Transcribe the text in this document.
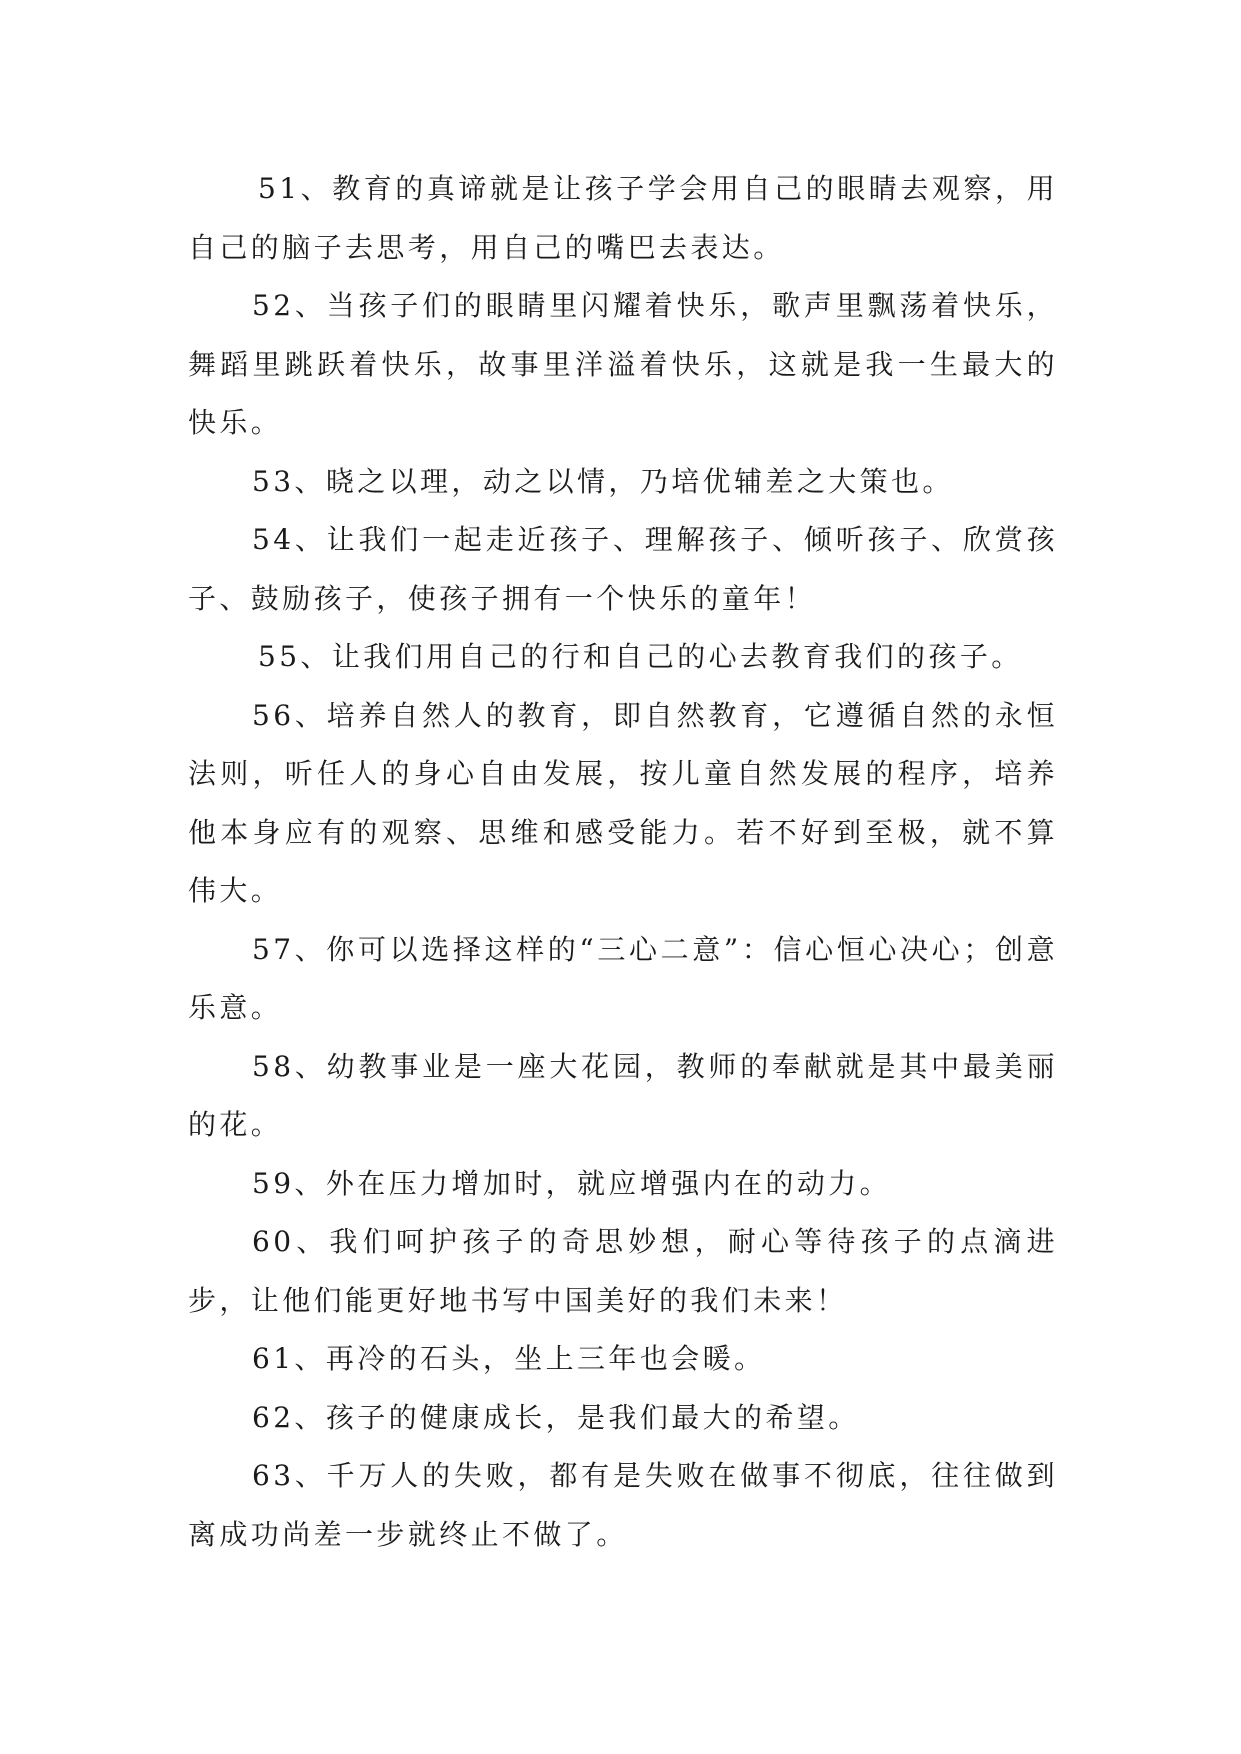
51、教育的真谛就是让孩子学会用自己的眼睛去观察，用自己的脑子去思考，用自己的嘴巴去表达。

52、当孩子们的眼睛里闪耀着快乐，歌声里飘荡着快乐，舞蹈里跳跃着快乐，故事里洋溢着快乐，这就是我一生最大的快乐。

53、晓之以理，动之以情，乃培优辅差之大策也。

54、让我们一起走近孩子、理解孩子、倾听孩子、欣赏孩子、鼓励孩子，使孩子拥有一个快乐的童年！

55、让我们用自己的行和自己的心去教育我们的孩子。

56、培养自然人的教育，即自然教育，它遵循自然的永恒法则，听任人的身心自由发展，按儿童自然发展的程序，培养他本身应有的观察、思维和感受能力。若不好到至极，就不算伟大。

57、你可以选择这样的“三心二意”：信心恒心决心；创意乐意。

58、幼教事业是一座大花园，教师的奉献就是其中最美丽的花。

59、外在压力增加时，就应增强内在的动力。

60、我们呵护孩子的奇思妙想，耐心等待孩子的点滴进步，让他们能更好地书写中国美好的我们未来！

61、再冷的石头，坐上三年也会暖。

62、孩子的健康成长，是我们最大的希望。

63、千万人的失败，都有是失败在做事不彻底，往往做到离成功尚差一步就终止不做了。
